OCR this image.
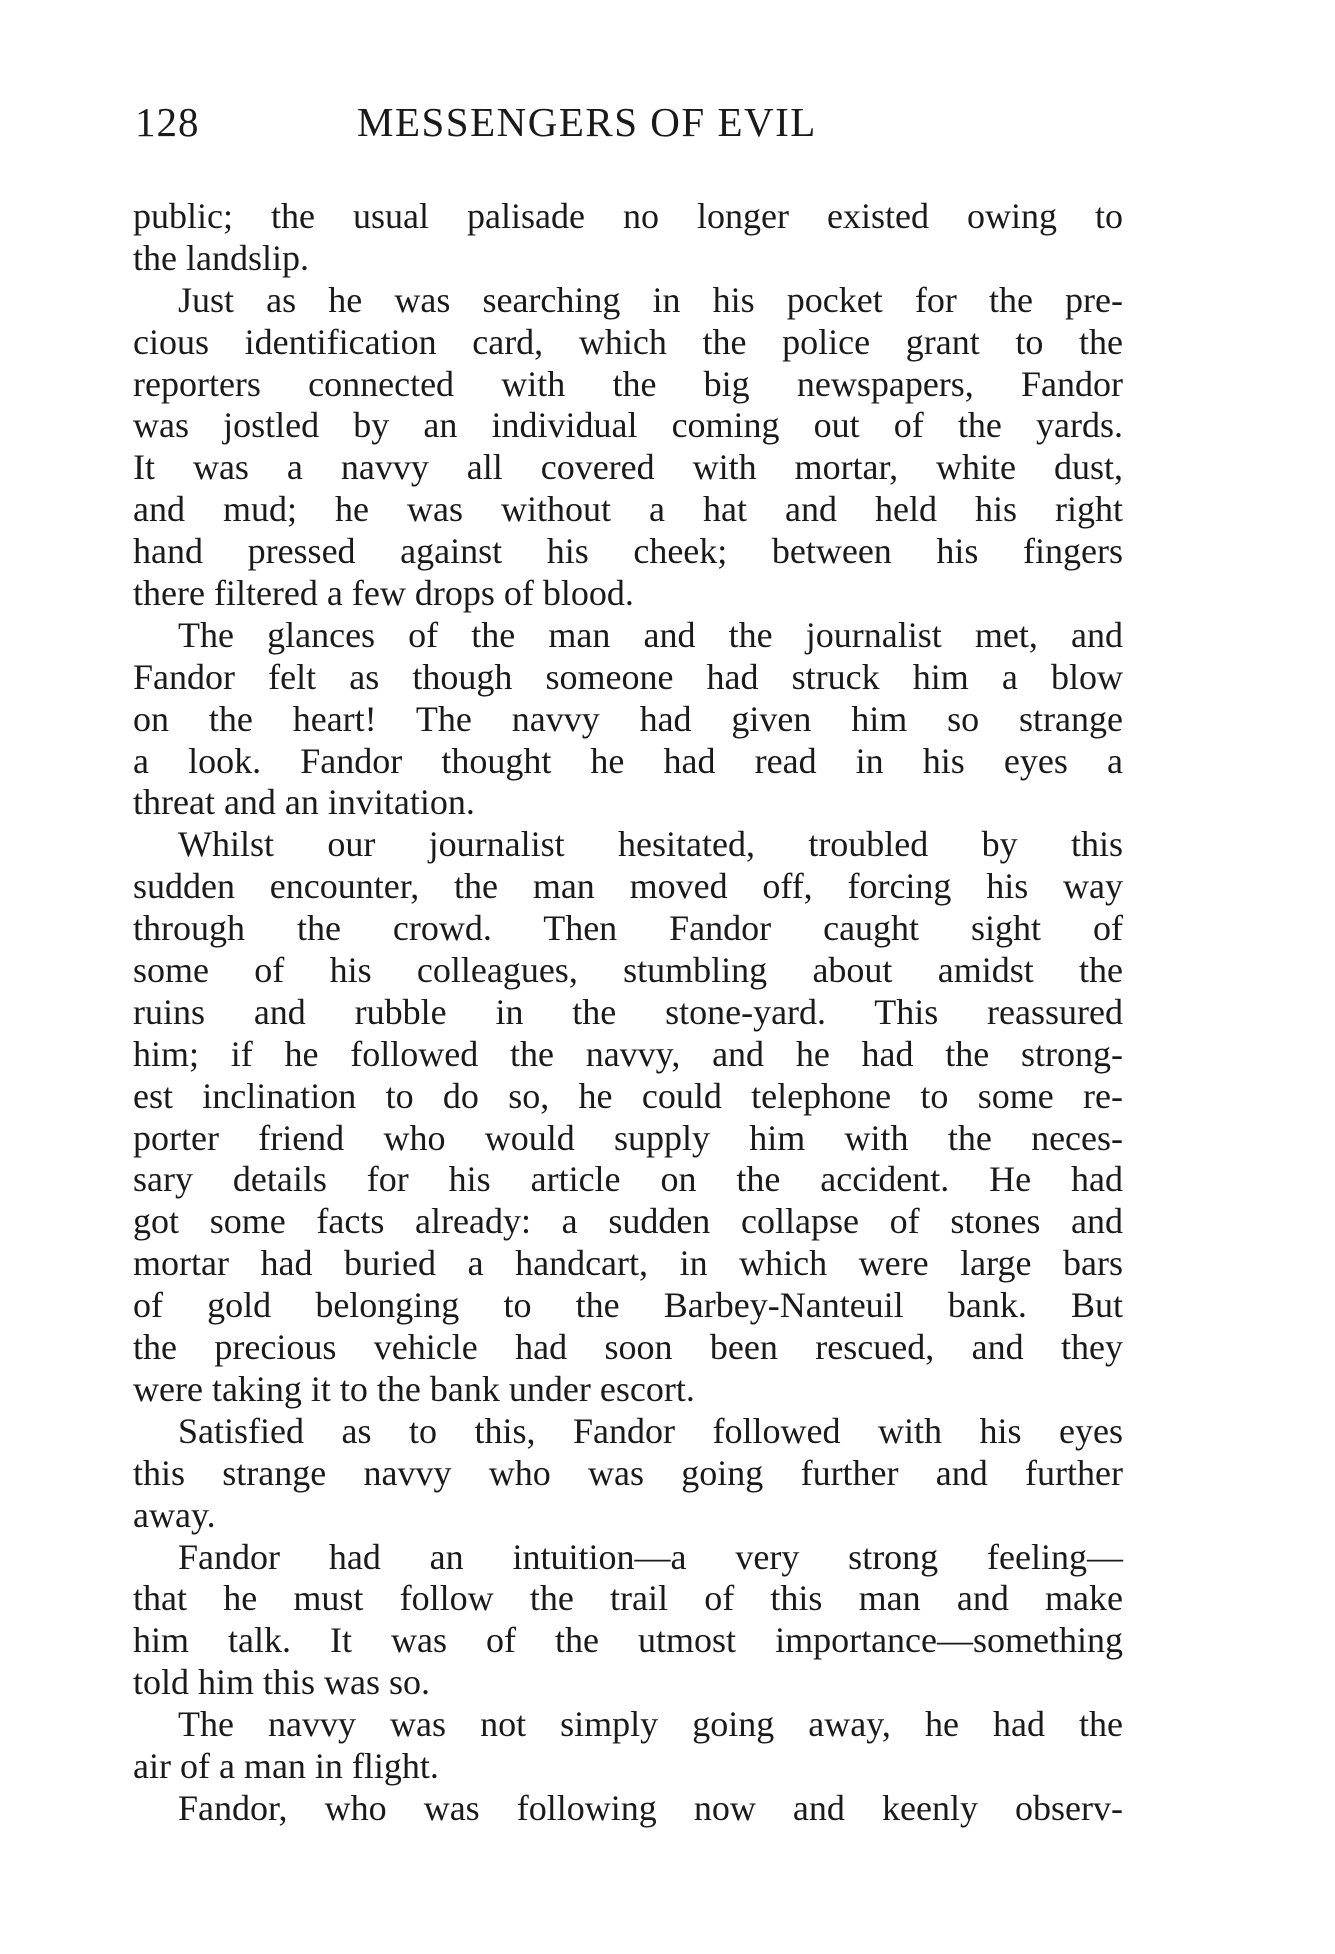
128	MESSENGERS OF EVIL
public; the usual palisade no longer existed owing to
the landslip.
Just as he was searching in his pocket for the pre-
cious identification card, which the police grant to the
reporters connected with the big newspapers, Fandor
was jostled by an individual coming out of the yards.
It was a navvy all covered with mortar, white dust,
and mud; he was without a hat and held his right
hand pressed against his cheek; between his fingers
there filtered a few drops of blood.
The glances of the man and the journalist met, and
Fandor felt as though someone had struck him a blow
on the heart! The navvy had given him so strange
a look. Fandor thought he had read in his eyes a
threat and an invitation.
Whilst our journalist hesitated, troubled by this
sudden encounter, the man moved off, forcing his way
through the crowd. Then Fandor caught sight of
some of his colleagues, stumbling about amidst the
ruins and rubble in the stone-yard. This reassured
him; if he followed the navvy, and he had the strong-
est inclination to do so, he could telephone to some re-
porter friend who would supply him with the neces-
sary details for his article on the accident. He had
got some facts already: a sudden collapse of stones and
mortar had buried a handcart, in which were large bars
of gold belonging to the Barbey-Nanteuil bank. But
the precious vehicle had soon been rescued, and they
were taking it to the bank under escort.
Satisfied as to this, Fandor followed with his eyes
this strange navvy who was going further and further
away.
Fandor had an intuition—a very strong feeling—
that he must follow the trail of this man and make
him talk. It was of the utmost importance—something
told him this was so.
The navvy was not simply going away, he had the
air of a man in flight.
Fandor, who was following now and keenly observ-
